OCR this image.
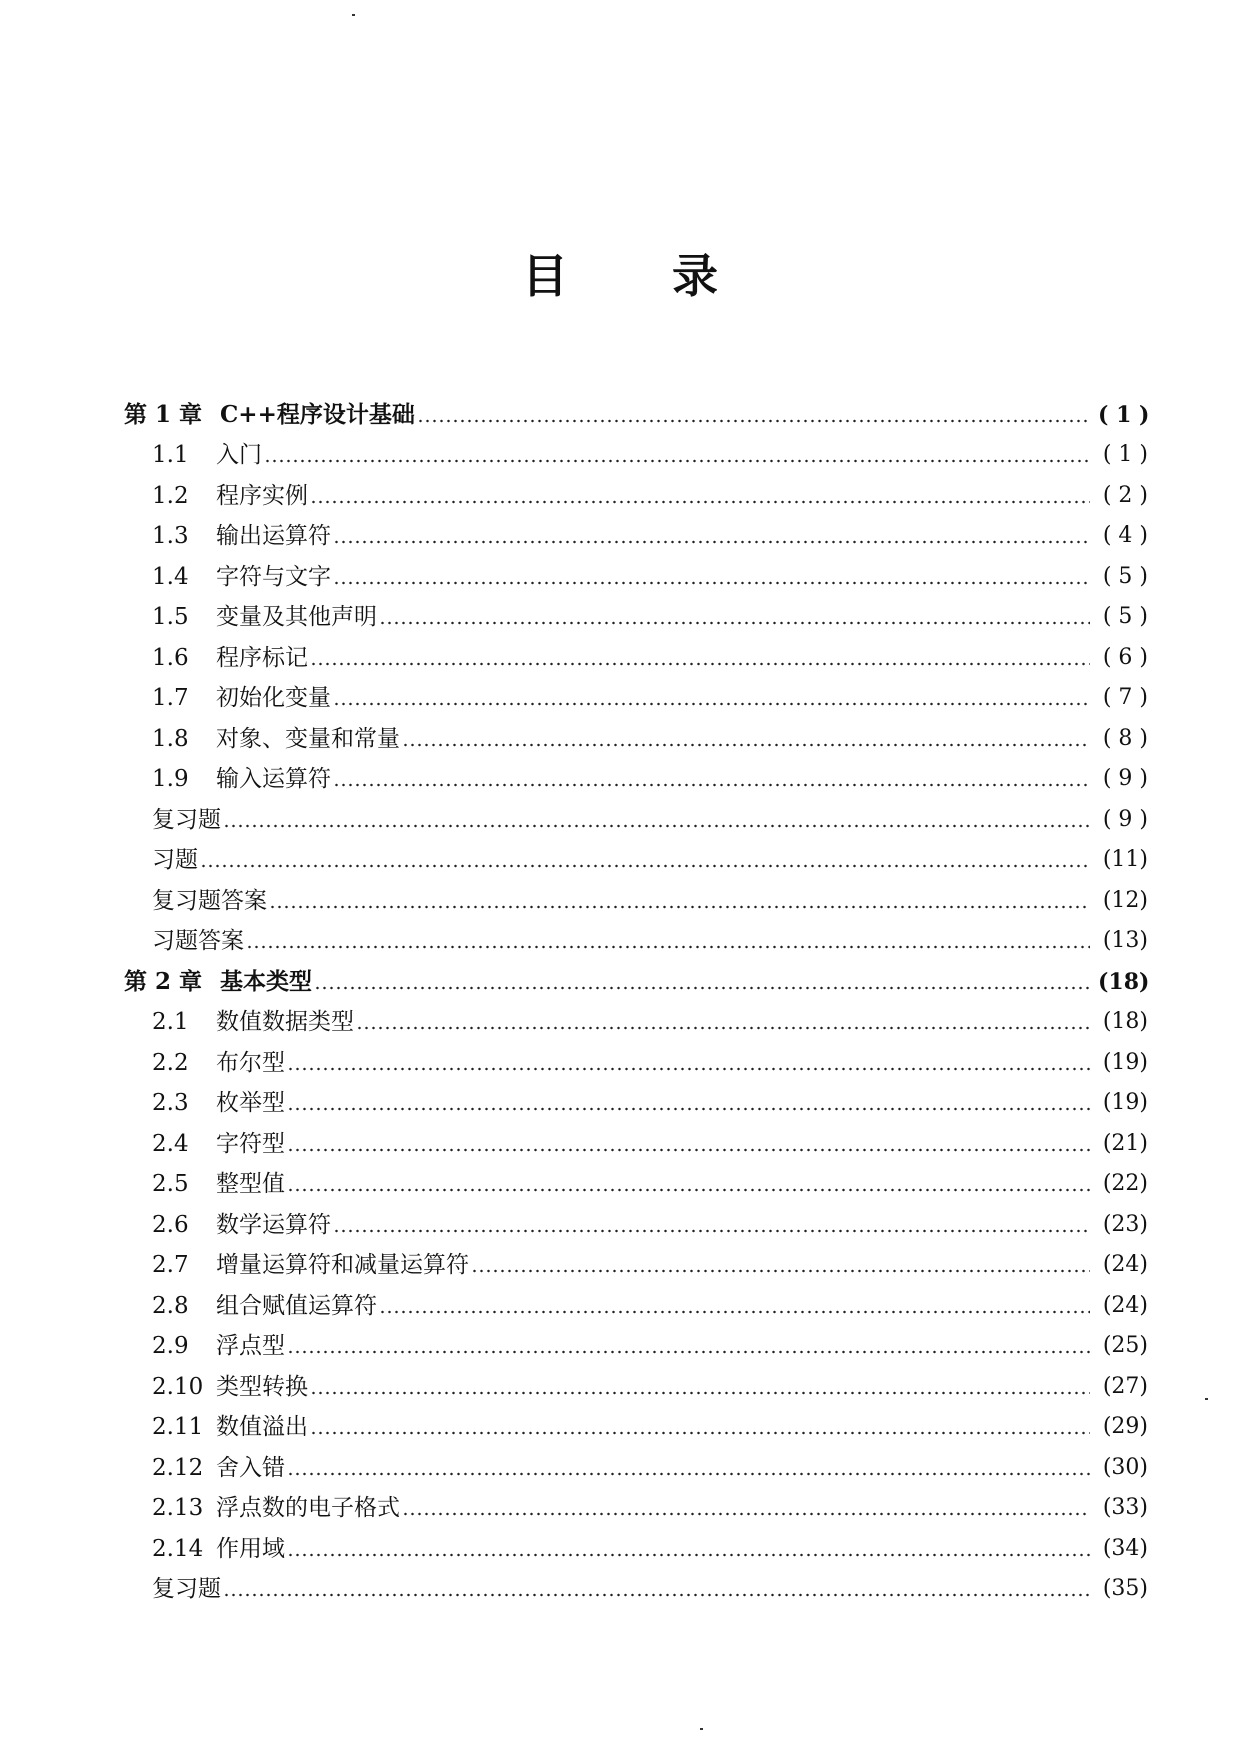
目 录
第 1 章 C++程序设计基础	( 1 )
1.1	入门	( 1 )
1.2	程序实例	( 2 )
1.3	输出运算符	( 4 )
1.4	字符与文字	( 5 )
1.5	变量及其他声明	( 5 )
1.6	程序标记	( 6 )
1.7	初始化变量	( 7 )
1.8	对象、变量和常量	( 8 )
1.9	输入运算符	( 9 )
复习题	( 9 )
习题	(11)
复习题答案	(12)
习题答案	(13)
第 2 章 基本类型	(18)
2.1	数值数据类型	(18)
2.2	布尔型	(19)
2.3	枚举型	(19)
2.4	字符型	(21)
2.5	整型值	(22)
2.6	数学运算符	(23)
2.7	增量运算符和减量运算符	(24)
2.8	组合赋值运算符	(24)
2.9	浮点型	(25)
2.10 类型转换	(27)
2.11 数值溢出	(29)
2.12 舍入错	(30)
2.13 浮点数的电子格式	(33)
2.14 作用域	(34)
复习题	(35)
